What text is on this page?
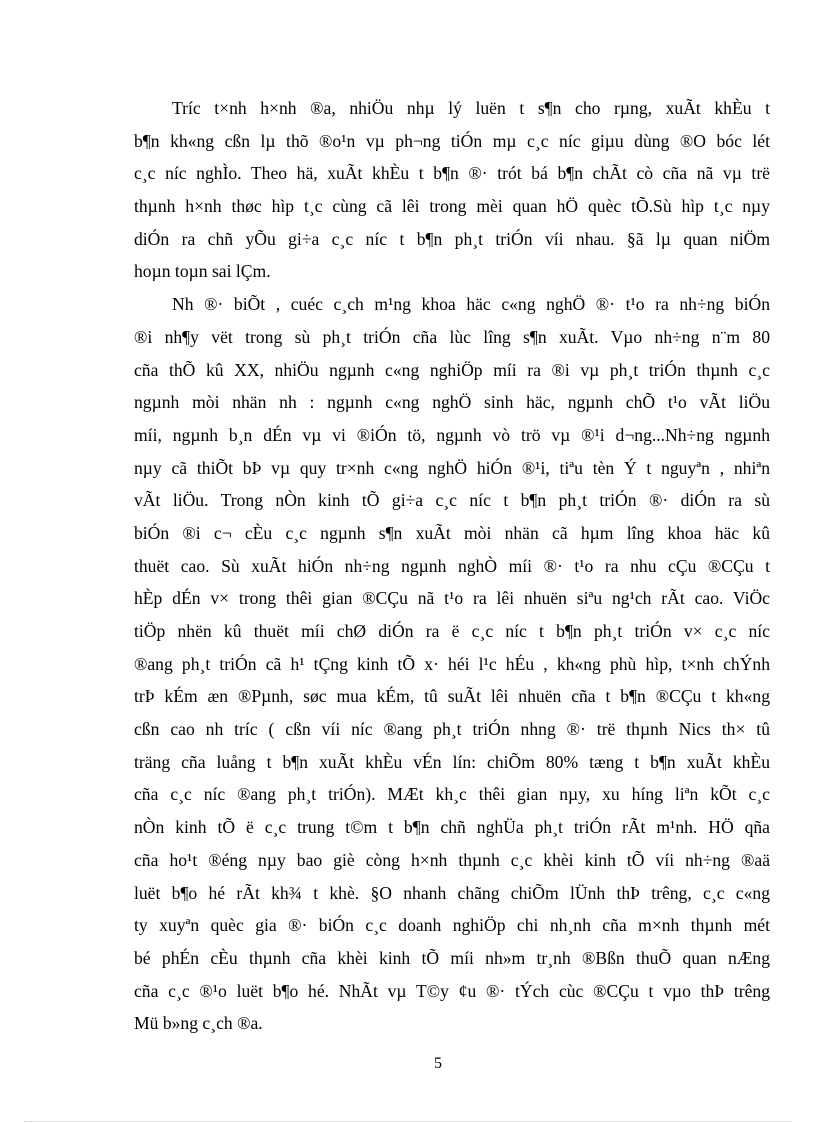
Tríc t×nh h×nh ®a, nhiÖu nhµ lý luën t s¶n cho rµng, xuÃt khÈu t
b¶n kh«ng cßn lµ thõ ®o¹n vµ ph¬ng tiÓn mµ c¸c níc giµu dùng ®O bóc lét
c¸c níc nghÌo. Theo hä, xuÃt khÈu t b¶n ®· trót bá b¶n chÃt cò cña nã vµ trë
thµnh h×nh thøc hìp t¸c cùng cã lêi trong mèi quan hÖ quèc tÕ.Sù hìp t¸c nµy
diÓn ra chñ yÕu gi÷a c¸c níc t b¶n ph¸t triÓn víi nhau. §ã lµ quan niÖm
hoµn toµn sai lÇm.
Nh ®· biÕt , cuéc c¸ch m¹ng khoa häc c«ng nghÖ ®· t¹o ra nh÷ng biÓn
®i nh¶y vët trong sù ph¸t triÓn cña lùc lîng s¶n xuÃt. Vµo nh÷ng n¨m 80
cña thÕ kû XX, nhiÖu ngµnh c«ng nghiÖp míi ra ®i vµ ph¸t triÓn thµnh c¸c
ngµnh mòi nhän nh : ngµnh c«ng nghÖ sinh häc, ngµnh chÕ t¹o vÃt liÖu
míi, ngµnh b¸n dÉn vµ vi ®iÓn tö, ngµnh vò trö vµ ®¹i d¬ng...Nh÷ng ngµnh
nµy cã thiÕt bÞ vµ quy tr×nh c«ng nghÖ hiÓn ®¹i, tiªu tèn Ý t nguyªn , nhiªn
vÃt liÖu. Trong nÒn kinh tÕ gi÷a c¸c níc t b¶n ph¸t triÓn ®· diÓn ra sù
biÓn ®i c¬ cÈu c¸c ngµnh s¶n xuÃt mòi nhän cã hµm lîng khoa häc kû
thuët cao. Sù xuÃt hiÓn nh÷ng ngµnh nghÒ míi ®· t¹o ra nhu cÇu ®CÇu t
hÈp dÉn v× trong thêi gian ®CÇu nã t¹o ra lêi nhuën siªu ng¹ch rÃt cao. ViÖc
tiÖp nhën kû thuët míi chØ diÓn ra ë c¸c níc t b¶n ph¸t triÓn v× c¸c níc
®ang ph¸t triÓn cã h¹ tÇng kinh tÕ x· héi l¹c hÉu , kh«ng phù hìp, t×nh chÝnh
trÞ kÉm æn ®Pµnh, søc mua kÉm, tû suÃt lêi nhuën cña t b¶n ®CÇu t kh«ng
cßn cao nh tríc ( cßn víi níc ®ang ph¸t triÓn nhng ®· trë thµnh Nics th× tû
träng cña luång t b¶n xuÃt khÈu vÉn lín: chiÕm 80% tæng t b¶n xuÃt khÈu
cña c¸c níc ®ang ph¸t triÓn). MÆt kh¸c thêi gian nµy, xu híng liªn kÕt c¸c
nÒn kinh tÕ ë c¸c trung t©m t b¶n chñ nghÜa ph¸t triÓn rÃt m¹nh. HÖ qña
cña ho¹t ®éng nµy bao giè còng h×nh thµnh c¸c khèi kinh tÕ víi nh÷ng ®aä
luët b¶o hé rÃt kh¾ t khè. §O nhanh chãng chiÕm lÜnh thÞ trêng, c¸c c«ng
ty xuyªn quèc gia ®· biÓn c¸c doanh nghiÖp chi nh¸nh cña m×nh thµnh mét
bé phÉn cÈu thµnh cña khèi kinh tÕ míi nh»m tr¸nh ®Bßn thuÕ quan nÆng
cña c¸c ®¹o luët b¶o hé. NhÃt vµ T©y ¢u ®· tÝch cùc ®CÇu t vµo thÞ trêng
Mü b»ng c¸ch ®a.
5
